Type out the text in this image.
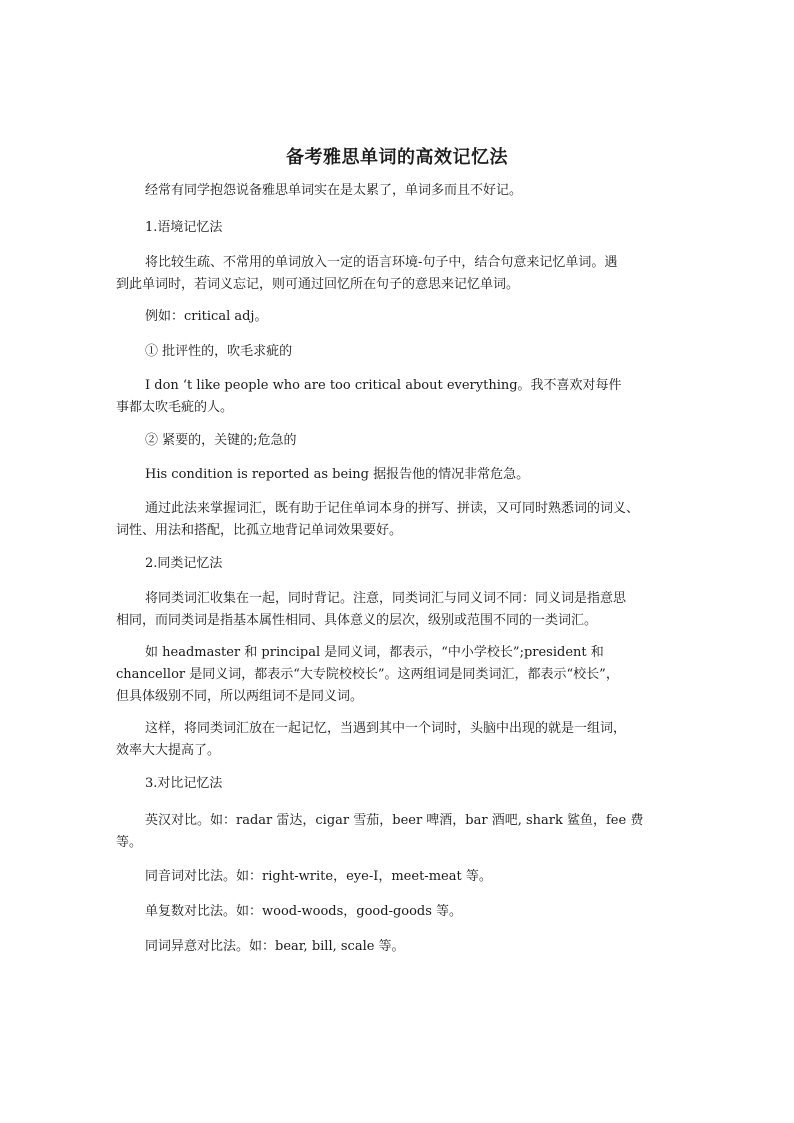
备考雅思单词的高效记忆法

经常有同学抱怨说备雅思单词实在是太累了，单词多而且不好记。

1.语境记忆法

将比较生疏、不常用的单词放入一定的语言环境-句子中，结合句意来记忆单词。遇
到此单词时，若词义忘记，则可通过回忆所在句子的意思来记忆单词。

例如：critical adj。

① 批评性的，吹毛求疵的

I don ‘t like people who are too critical about everything。我不喜欢对每件
事都太吹毛疵的人。

② 紧要的，关键的;危急的

His condition is reported as being 据报告他的情况非常危急。

通过此法来掌握词汇，既有助于记住单词本身的拼写、拼读，又可同时熟悉词的词义、
词性、用法和搭配，比孤立地背记单词效果要好。

2.同类记忆法

将同类词汇收集在一起，同时背记。注意，同类词汇与同义词不同：同义词是指意思
相同，而同类词是指基本属性相同、具体意义的层次，级别或范围不同的一类词汇。

如 headmaster 和 principal 是同义词，都表示，“中小学校长”;president 和
chancellor 是同义词，都表示“大专院校校长”。这两组词是同类词汇，都表示“校长”，
但具体级别不同，所以两组词不是同义词。

这样，将同类词汇放在一起记忆，当遇到其中一个词时，头脑中出现的就是一组词，
效率大大提高了。

3.对比记忆法

英汉对比。如：radar 雷达，cigar 雪茄，beer 啤酒，bar 酒吧, shark 鲨鱼，fee 费
等。

同音词对比法。如：right-write，eye-I，meet-meat 等。

单复数对比法。如：wood-woods，good-goods 等。

同词异意对比法。如：bear, bill, scale 等。
